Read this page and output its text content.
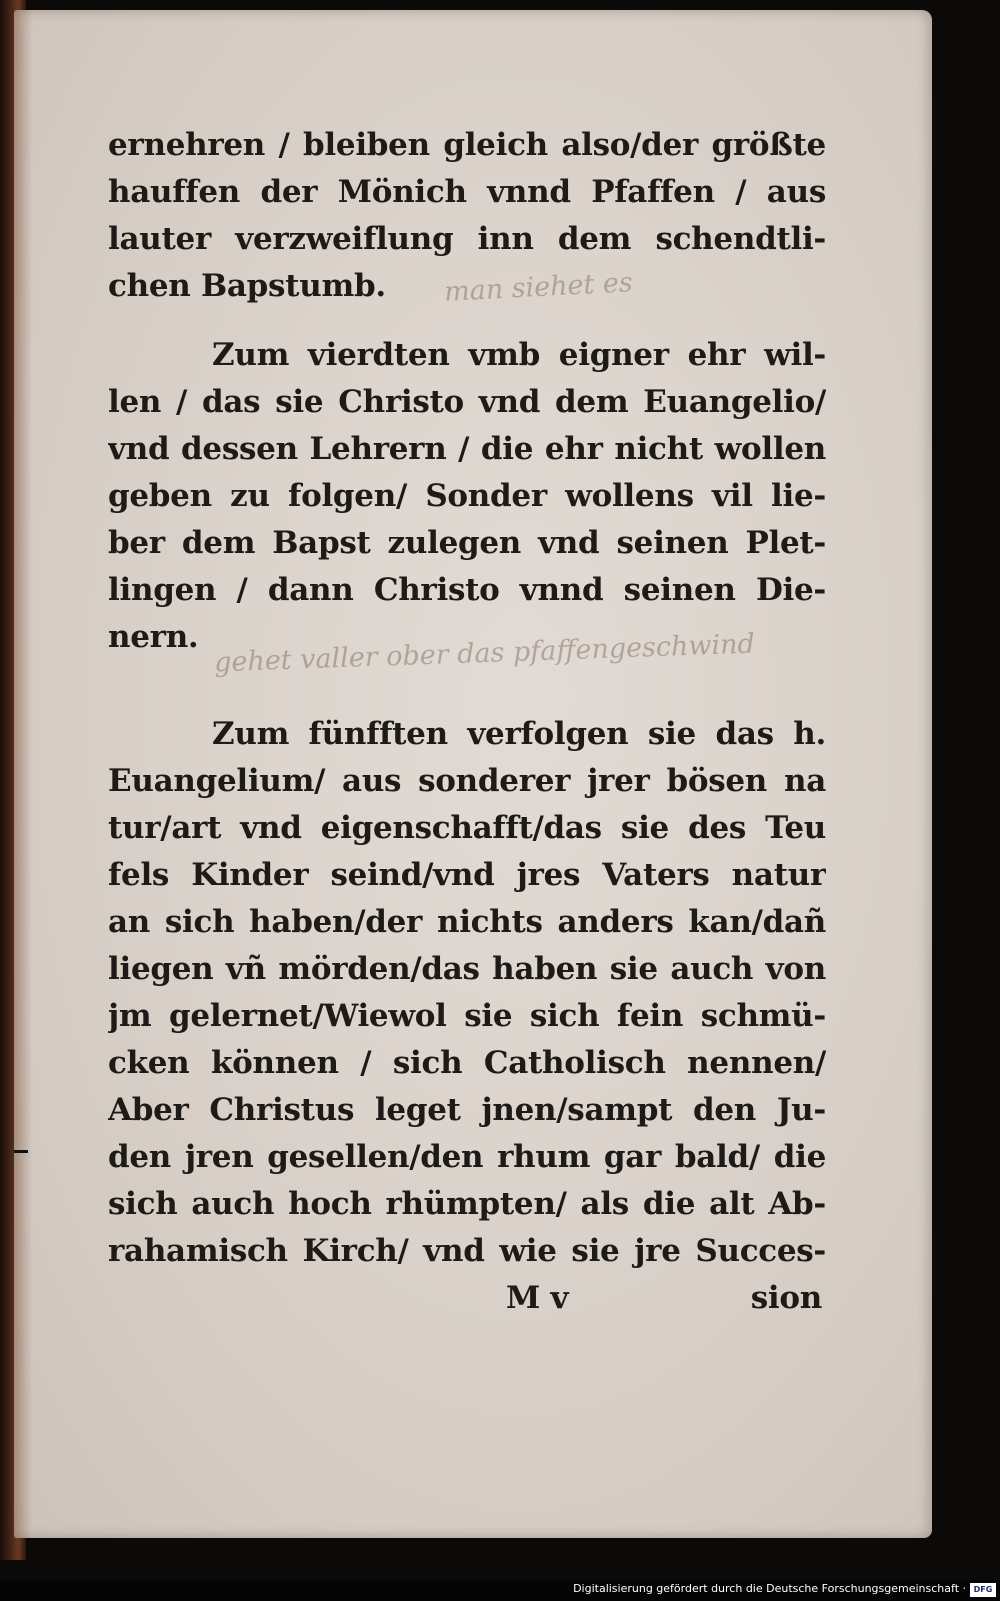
man siehet es
gehet valler ober das pfaffengeschwind
ernehren / bleiben gleich also/der größte
hauffen der Mönich vnnd Pfaffen / aus
lauter verzweiflung inn dem schendtli-
chen Bapstumb.
Zum vierdten vmb eigner ehr wil-
len / das sie Christo vnd dem Euangelio/
vnd dessen Lehrern / die ehr nicht wollen
geben zu folgen/ Sonder wollens vil lie-
ber dem Bapst zulegen vnd seinen Plet-
lingen / dann Christo vnnd seinen Die-
nern.
Zum fünfften verfolgen sie das h.
Euangelium/ aus sonderer jrer bösen na
tur/art vnd eigenschafft/das sie des Teu
fels Kinder seind/vnd jres Vaters natur
an sich haben/der nichts anders kan/dañ
liegen vñ mörden/das haben sie auch von
jm gelernet/Wiewol sie sich fein schmü-
cken können / sich Catholisch nennen/
Aber Christus leget jnen/sampt den Ju-
den jren gesellen/den rhum gar bald/ die
sich auch hoch rhümpten/ als die alt Ab-
rahamisch Kirch/ vnd wie sie jre Succes-
M v	sion
Digitalisierung gefördert durch die Deutsche Forschungsgemeinschaft · DFG
